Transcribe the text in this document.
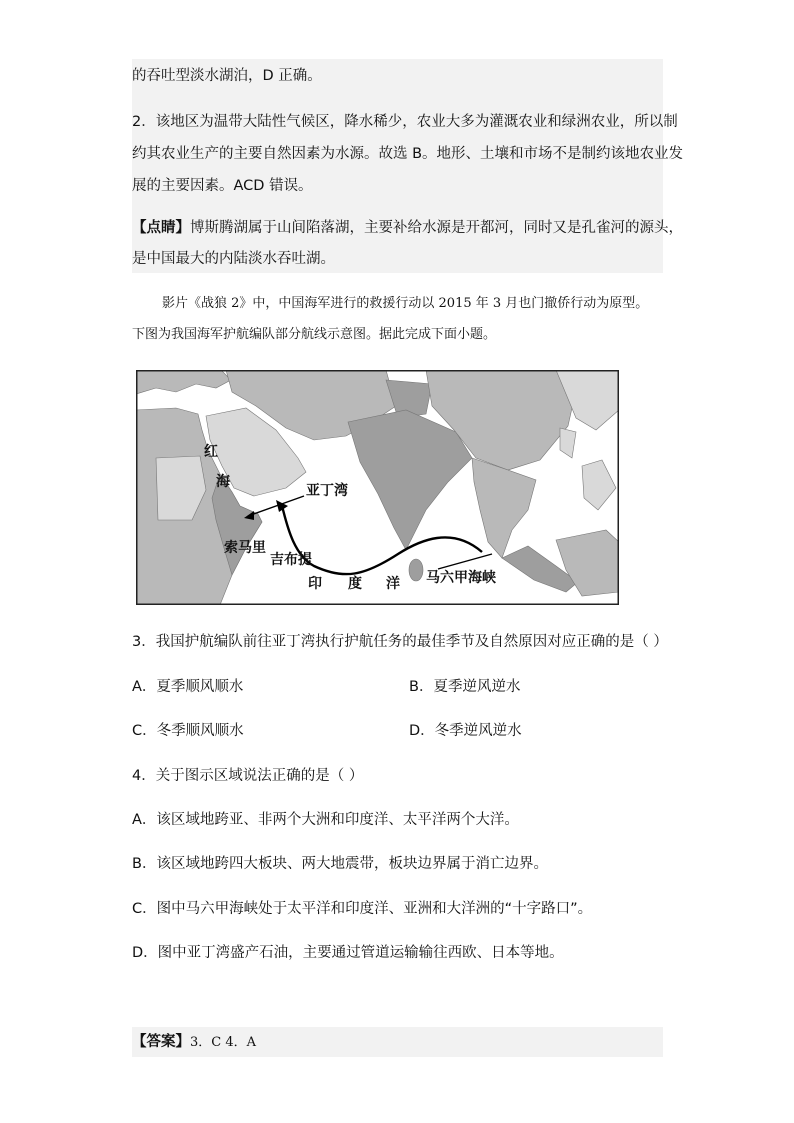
的吞吐型淡水湖泊，D 正确。
2．该地区为温带大陆性气候区，降水稀少，农业大多为灌溉农业和绿洲农业，所以制
约其农业生产的主要自然因素为水源。故选 B。地形、土壤和市场不是制约该地农业发
展的主要因素。ACD 错误。
【点睛】博斯腾湖属于山间陷落湖，主要补给水源是开都河，同时又是孔雀河的源头，
是中国最大的内陆淡水吞吐湖。
影片《战狼 2》中，中国海军进行的救援行动以 2015 年 3 月也门撤侨行动为原型。
下图为我国海军护航编队部分航线示意图。据此完成下面小题。
红
海
亚丁湾
索马里
吉布提
印 度 洋 马六甲海峡
3．我国护航编队前往亚丁湾执行护航任务的最佳季节及自然原因对应正确的是（ ）
A．夏季顺风顺水	B．夏季逆风逆水
C．冬季顺风顺水	D．冬季逆风逆水
4．关于图示区域说法正确的是（ ）
A．该区域地跨亚、非两个大洲和印度洋、太平洋两个大洋。
B．该区域地跨四大板块、两大地震带，板块边界属于消亡边界。
C．图中马六甲海峡处于太平洋和印度洋、亚洲和大洋洲的“十字路口”。
D．图中亚丁湾盛产石油，主要通过管道运输输往西欧、日本等地。
【答案】3．C 4．A
